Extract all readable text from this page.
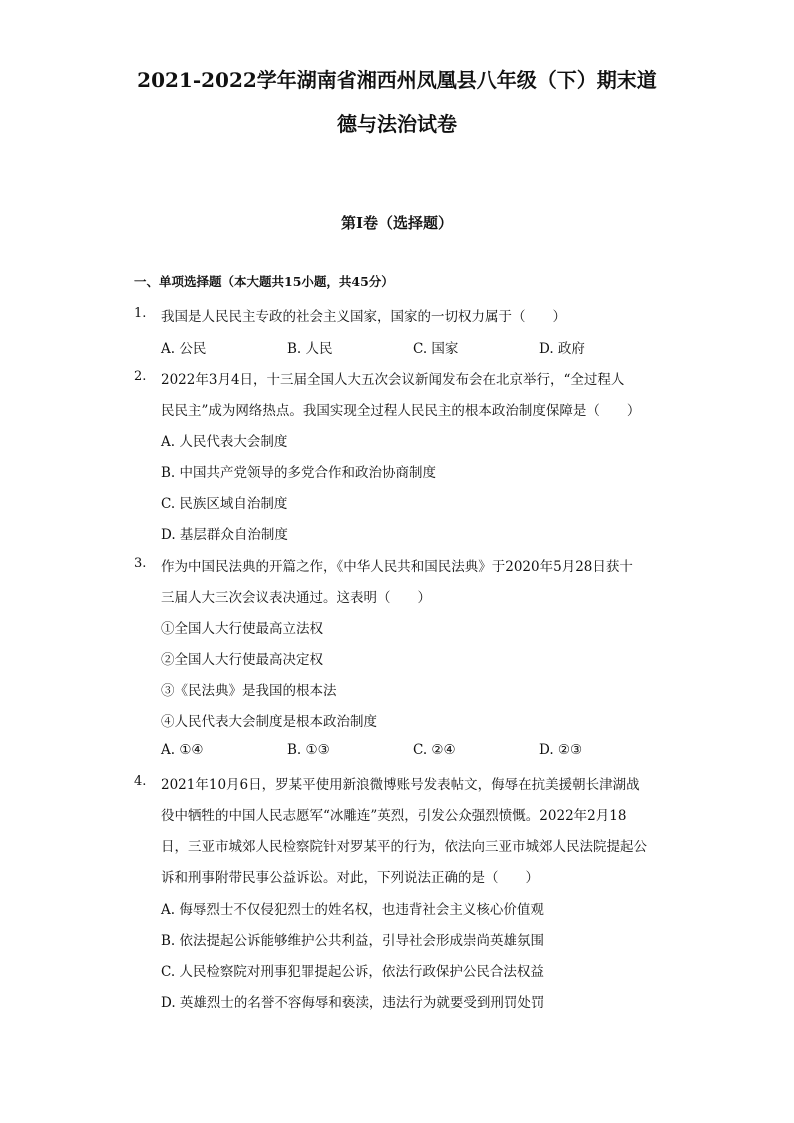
2021-2022学年湖南省湘西州凤凰县八年级（下）期末道
德与法治试卷
第I卷（选择题）
一、单项选择题（本大题共15小题，共45分）
1. 我国是人民民主专政的社会主义国家，国家的一切权力属于（　　）
A. 公民	B. 人民	C. 国家	D. 政府
2. 2022年3月4日，十三届全国人大五次会议新闻发布会在北京举行，“全过程人
民民主”成为网络热点。我国实现全过程人民民主的根本政治制度保障是（　　）
A. 人民代表大会制度
B. 中国共产党领导的多党合作和政治协商制度
C. 民族区域自治制度
D. 基层群众自治制度
3. 作为中国民法典的开篇之作，《中华人民共和国民法典》于2020年5月28日获十
三届人大三次会议表决通过。这表明（　　）
①全国人大行使最高立法权
②全国人大行使最高决定权
③《民法典》是我国的根本法
④人民代表大会制度是根本政治制度
A. ①④	B. ①③	C. ②④	D. ②③
4. 2021年10月6日，罗某平使用新浪微博账号发表帖文，侮辱在抗美援朝长津湖战
役中牺牲的中国人民志愿军“冰雕连”英烈，引发公众强烈愤慨。2022年2月18
日，三亚市城郊人民检察院针对罗某平的行为，依法向三亚市城郊人民法院提起公
诉和刑事附带民事公益诉讼。对此，下列说法正确的是（　　）
A. 侮辱烈士不仅侵犯烈士的姓名权，也违背社会主义核心价值观
B. 依法提起公诉能够维护公共利益，引导社会形成崇尚英雄氛围
C. 人民检察院对刑事犯罪提起公诉，依法行政保护公民合法权益
D. 英雄烈士的名誉不容侮辱和亵渎，违法行为就要受到刑罚处罚
